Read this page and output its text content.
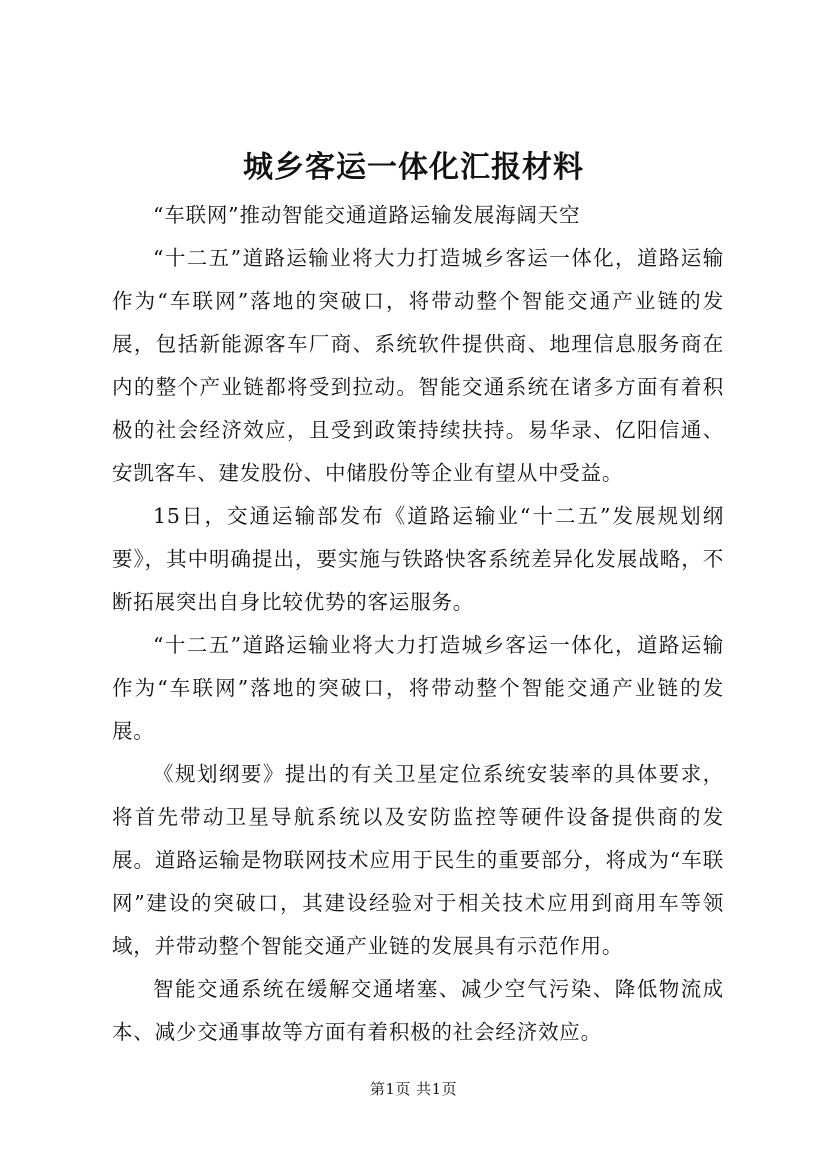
城乡客运一体化汇报材料

“车联网”推动智能交通道路运输发展海阔天空

“十二五”道路运输业将大力打造城乡客运一体化，道路运输作为“车联网”落地的突破口，将带动整个智能交通产业链的发展，包括新能源客车厂商、系统软件提供商、地理信息服务商在内的整个产业链都将受到拉动。智能交通系统在诸多方面有着积极的社会经济效应，且受到政策持续扶持。易华录、亿阳信通、安凯客车、建发股份、中储股份等企业有望从中受益。

15日，交通运输部发布《道路运输业“十二五”发展规划纲要》，其中明确提出，要实施与铁路快客系统差异化发展战略，不断拓展突出自身比较优势的客运服务。

“十二五”道路运输业将大力打造城乡客运一体化，道路运输作为“车联网”落地的突破口，将带动整个智能交通产业链的发展。

《规划纲要》提出的有关卫星定位系统安装率的具体要求，将首先带动卫星导航系统以及安防监控等硬件设备提供商的发展。道路运输是物联网技术应用于民生的重要部分，将成为“车联网”建设的突破口，其建设经验对于相关技术应用到商用车等领域，并带动整个智能交通产业链的发展具有示范作用。

智能交通系统在缓解交通堵塞、减少空气污染、降低物流成本、减少交通事故等方面有着积极的社会经济效应。

第1页 共1页
